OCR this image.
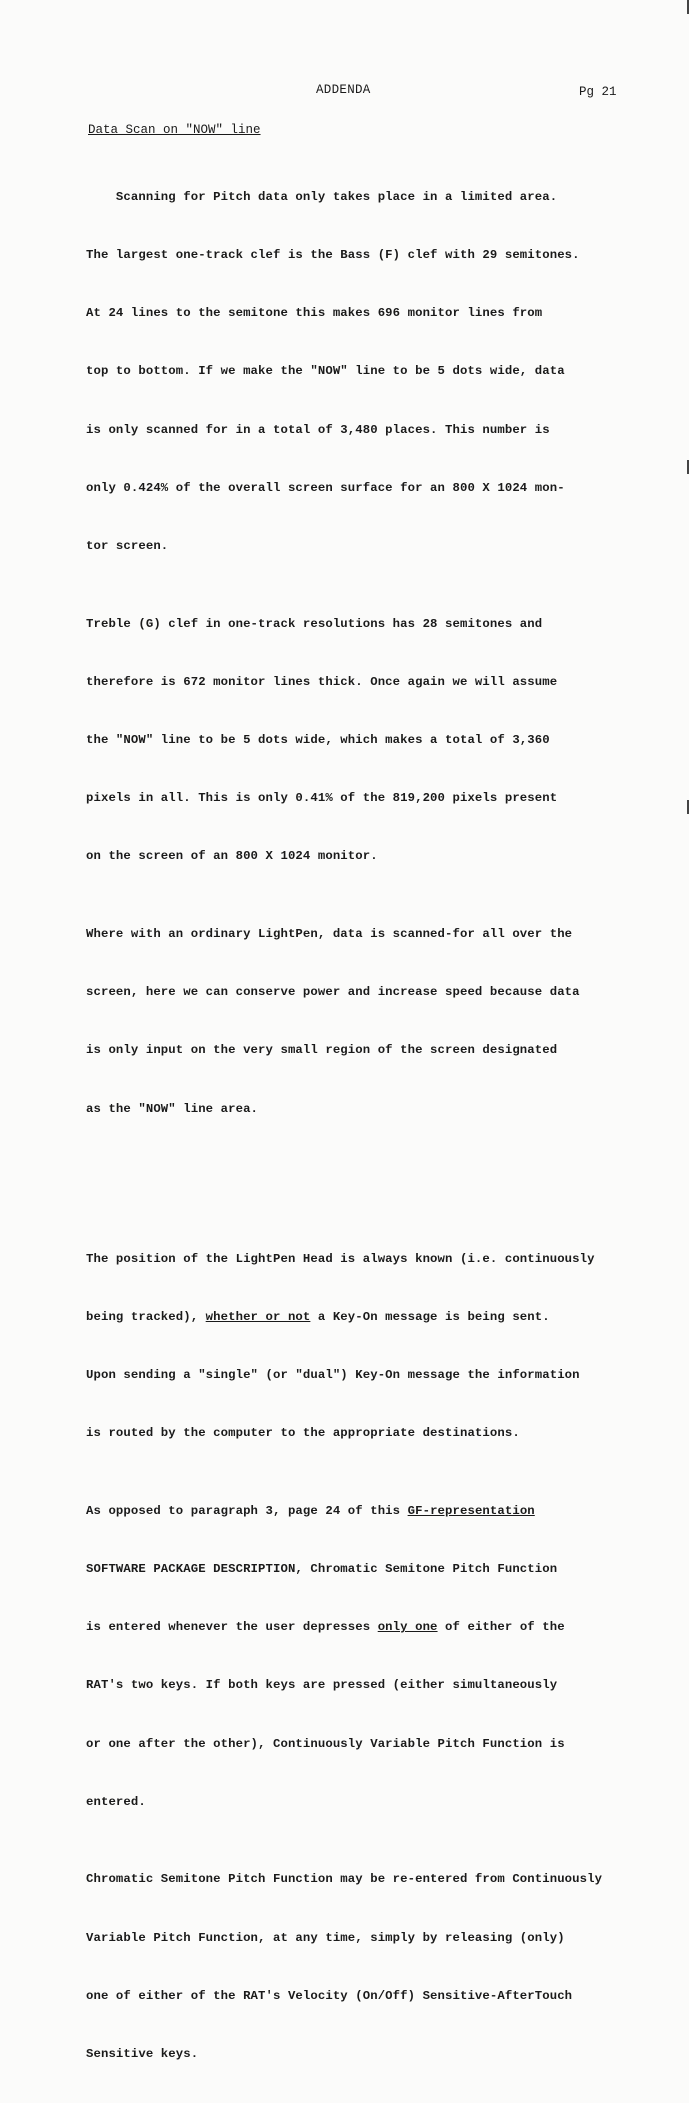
ADDENDA	Pg 21
Data Scan on "NOW" line

Scanning for Pitch data only takes place in a limited area.

The largest one-track clef is the Bass (F) clef with 29 semitones.

At 24 lines to the semitone this makes 696 monitor lines from

top to bottom. If we make the "NOW" line to be 5 dots wide, data

is only scanned for in a total of 3,480 places. This number is

only 0.424% of the overall screen surface for an 800 X 1024 mon-

tor screen.

Treble (G) clef in one-track resolutions has 28 semitones and

therefore is 672 monitor lines thick. Once again we will assume

the "NOW" line to be 5 dots wide, which makes a total of 3,360

pixels in all. This is only 0.41% of the 819,200 pixels present

on the screen of an 800 X 1024 monitor.

Where with an ordinary LightPen, data is scanned-for all over the

screen, here we can conserve power and increase speed because data

is only input on the very small region of the screen designated

as the "NOW" line area.

The position of the LightPen Head is always known (i.e. continuously

being tracked), whether or not a Key-On message is being sent.

Upon sending a "single" (or "dual") Key-On message the information

is routed by the computer to the appropriate destinations.

As opposed to paragraph 3, page 24 of this GF-representation

SOFTWARE PACKAGE DESCRIPTION, Chromatic Semitone Pitch Function

is entered whenever the user depresses only one of either of the

RAT's two keys. If both keys are pressed (either simultaneously

or one after the other), Continuously Variable Pitch Function is

entered.

Chromatic Semitone Pitch Function may be re-entered from Continuously

Variable Pitch Function, at any time, simply by releasing (only)

one of either of the RAT's Velocity (On/Off) Sensitive-AfterTouch

Sensitive keys.
